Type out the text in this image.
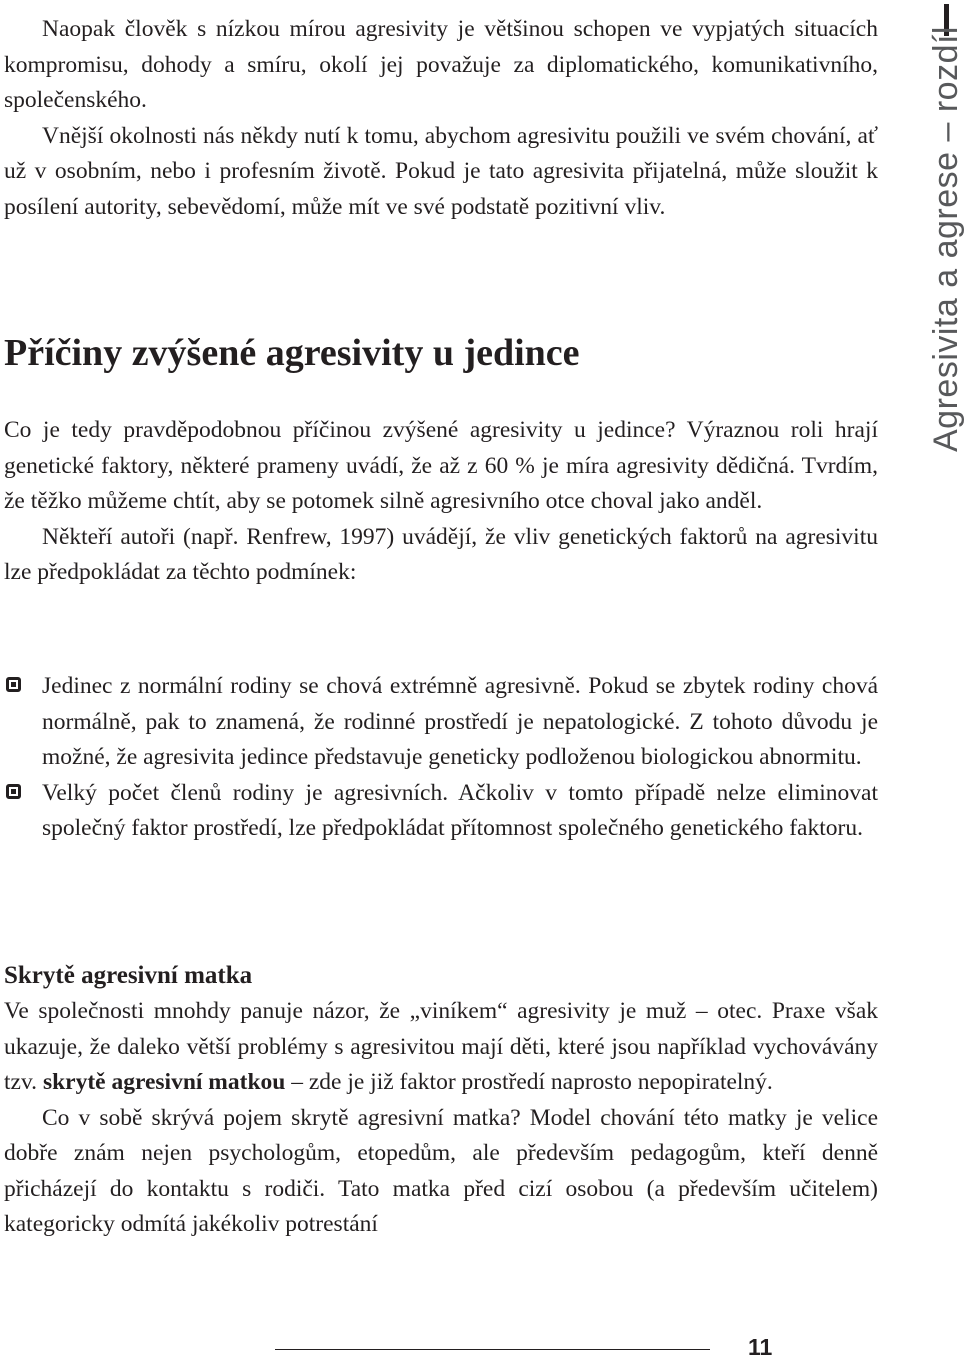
Naopak člověk s nízkou mírou agresivity je většinou schopen ve vypjatých situacích kompromisu, dohody a smíru, okolí jej považuje za diplomatického, komunikativního, společenského.

Vnější okolnosti nás někdy nutí k tomu, abychom agresivitu použili ve svém chování, ať už v osobním, nebo i profesním životě. Pokud je tato agresivita přijatelná, může sloužit k posílení autority, sebevědomí, může mít ve své podstatě pozitivní vliv.

Příčiny zvýšené agresivity u jedince

Co je tedy pravděpodobnou příčinou zvýšené agresivity u jedince? Výraznou roli hrají genetické faktory, některé prameny uvádí, že až z 60 % je míra agresivity dědičná. Tvrdím, že těžko můžeme chtít, aby se potomek silně agresivního otce choval jako anděl.

Někteří autoři (např. Renfrew, 1997) uvádějí, že vliv genetických faktorů na agresivitu lze předpokládat za těchto podmínek:

Jedinec z normální rodiny se chová extrémně agresivně. Pokud se zbytek rodiny chová normálně, pak to znamená, že rodinné prostředí je nepatologické. Z tohoto důvodu je možné, že agresivita jedince představuje geneticky podloženou biologickou abnormitu.
Velký počet členů rodiny je agresivních. Ačkoliv v tomto případě nelze eliminovat společný faktor prostředí, lze předpokládat přítomnost společného genetického faktoru.
Skrytě agresivní matka

Ve společnosti mnohdy panuje názor, že „viníkem“ agresivity je muž – otec. Praxe však ukazuje, že daleko větší problémy s agresivitou mají děti, které jsou například vychovávány tzv. skrytě agresivní matkou – zde je již faktor prostředí naprosto nepopiratelný.

Co v sobě skrývá pojem skrytě agresivní matka? Model chování této matky je velice dobře znám nejen psychologům, etopedům, ale především pedagogům, kteří denně přicházejí do kontaktu s rodiči. Tato matka před cizí osobou (a především učitelem) kategoricky odmítá jakékoliv potrestání

Agresivita a agrese – rozdíl
11
